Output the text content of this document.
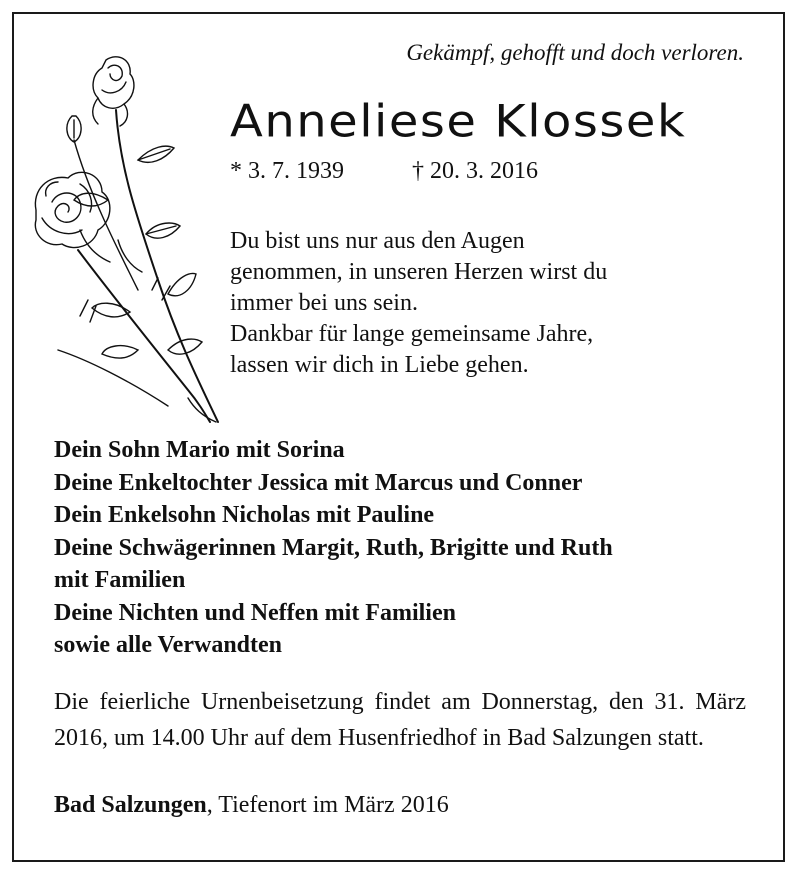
Gekämpf, gehofft und doch verloren.
Anneliese Klossek
* 3. 7. 1939	† 20. 3. 2016
Du bist uns nur aus den Augen
genommen, in unseren Herzen wirst du
immer bei uns sein.
Dankbar für lange gemeinsame Jahre,
lassen wir dich in Liebe gehen.
Dein Sohn Mario mit Sorina
Deine Enkeltochter Jessica mit Marcus und Conner
Dein Enkelsohn Nicholas mit Pauline
Deine Schwägerinnen Margit, Ruth, Brigitte und Ruth
mit Familien
Deine Nichten und Neffen mit Familien
sowie alle Verwandten
Die feierliche Urnenbeisetzung findet am Donnerstag, den 31. März 2016, um 14.00 Uhr auf dem Husenfriedhof in Bad Salzungen statt.
Bad Salzungen, Tiefenort im März 2016
